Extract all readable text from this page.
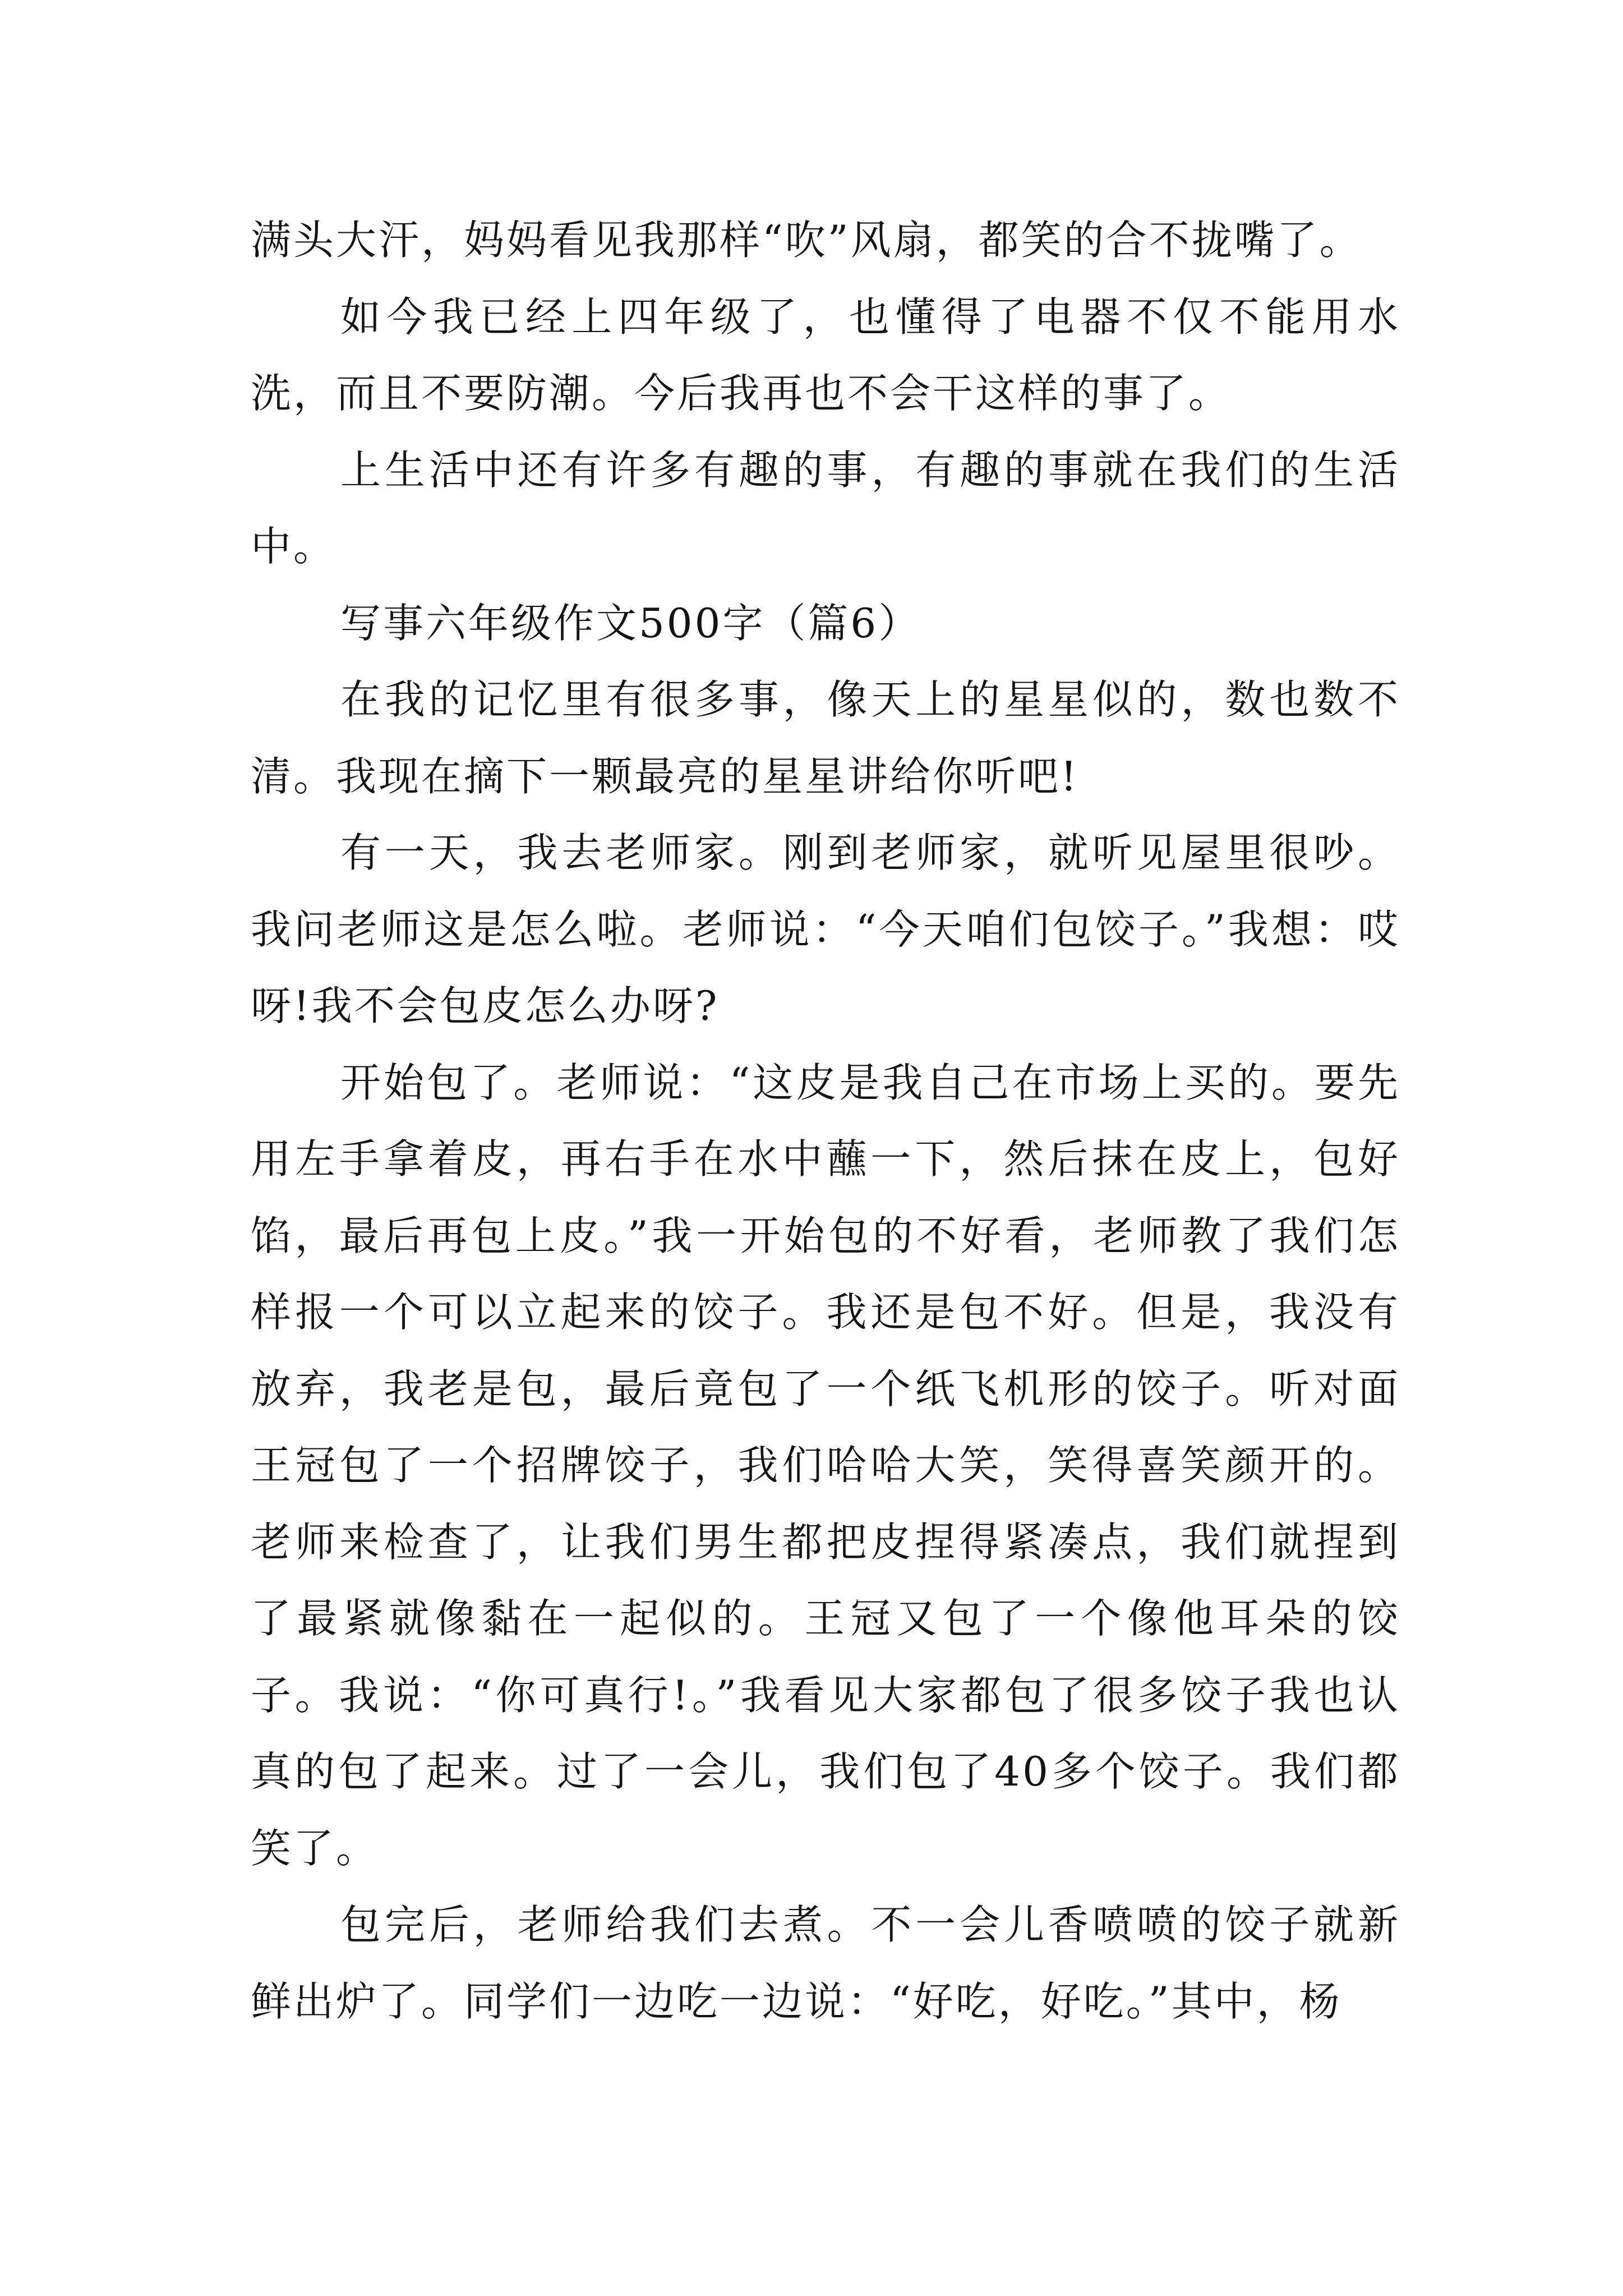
满头大汗，妈妈看见我那样“吹”风扇，都笑的合不拢嘴了。

如今我已经上四年级了，也懂得了电器不仅不能用水洗，而且不要防潮。今后我再也不会干这样的事了。

上生活中还有许多有趣的事，有趣的事就在我们的生活中。

写事六年级作文500字（篇6）

在我的记忆里有很多事，像天上的星星似的，数也数不清。我现在摘下一颗最亮的星星讲给你听吧!

有一天，我去老师家。刚到老师家，就听见屋里很吵。我问老师这是怎么啦。老师说：“今天咱们包饺子。”我想：哎呀!我不会包皮怎么办呀?

开始包了。老师说：“这皮是我自己在市场上买的。要先用左手拿着皮，再右手在水中蘸一下，然后抹在皮上，包好馅，最后再包上皮。”我一开始包的不好看，老师教了我们怎样报一个可以立起来的饺子。我还是包不好。但是，我没有放弃，我老是包，最后竟包了一个纸飞机形的饺子。听对面王冠包了一个招牌饺子，我们哈哈大笑，笑得喜笑颜开的。老师来检查了，让我们男生都把皮捏得紧凑点，我们就捏到了最紧就像黏在一起似的。王冠又包了一个像他耳朵的饺子。我说：“你可真行!。”我看见大家都包了很多饺子我也认真的包了起来。过了一会儿，我们包了40多个饺子。我们都笑了。

包完后，老师给我们去煮。不一会儿香喷喷的饺子就新鲜出炉了。同学们一边吃一边说：“好吃，好吃。”其中，杨
